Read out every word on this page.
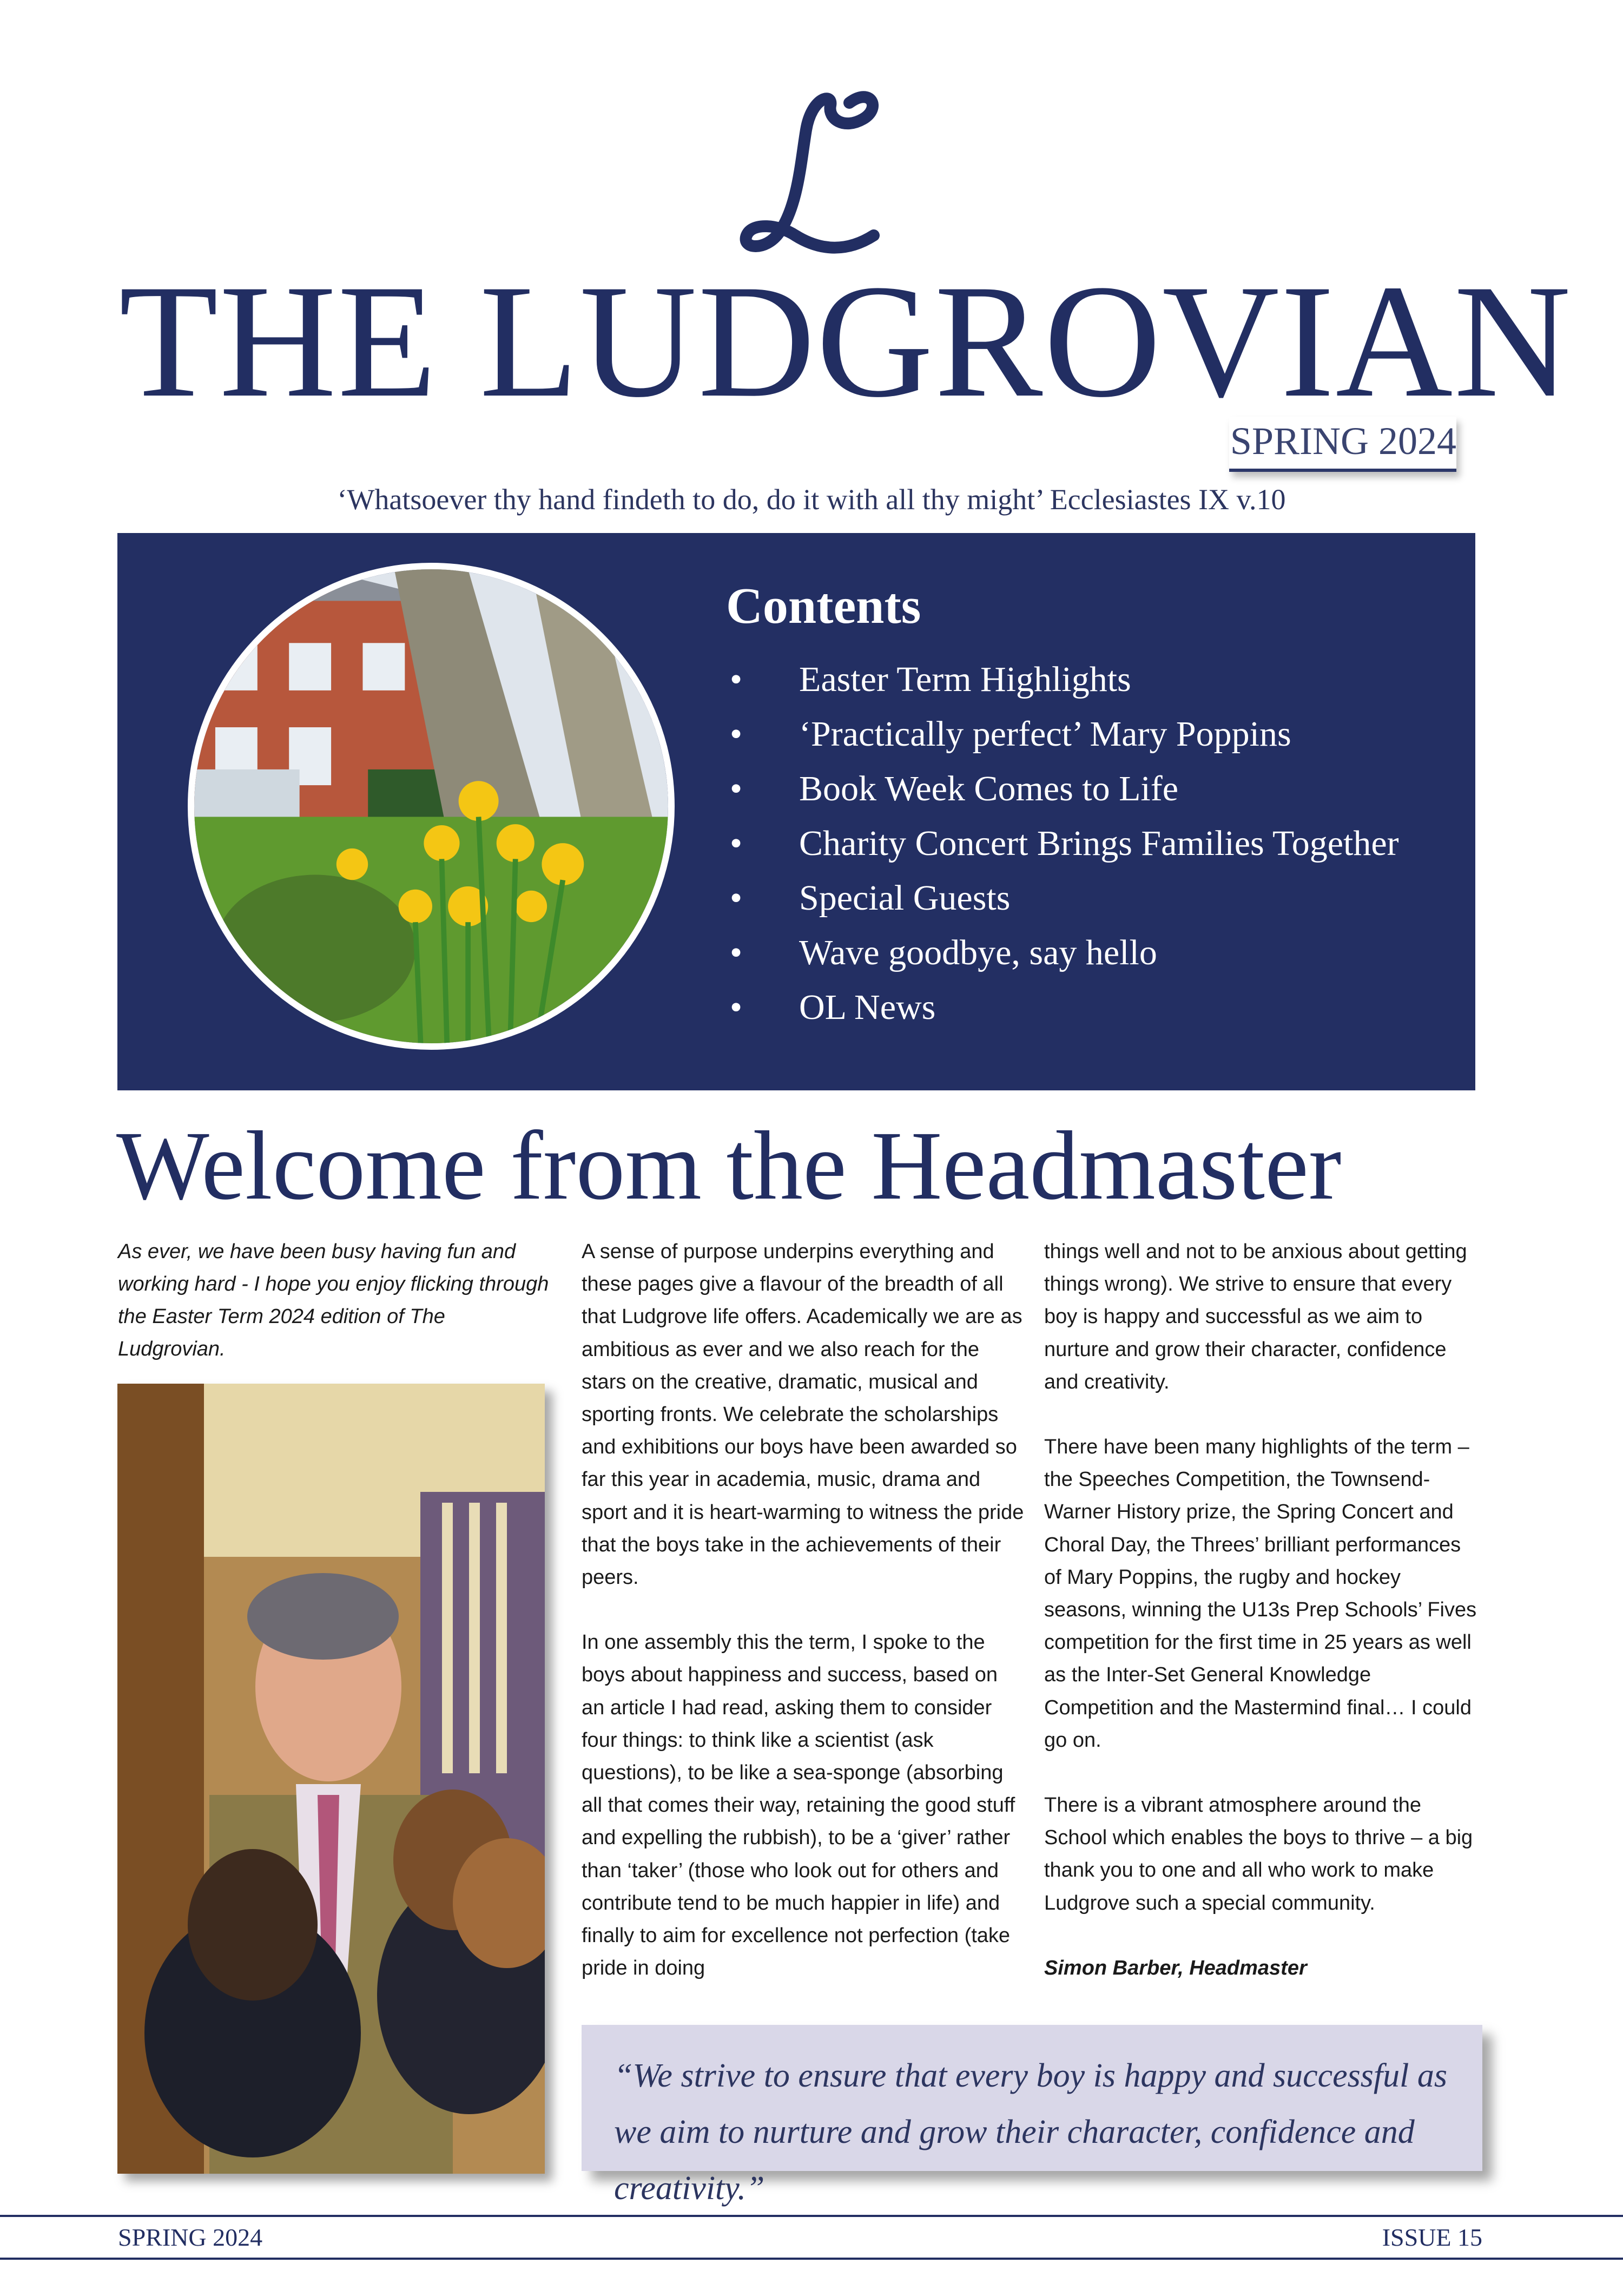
THE LUDGROVIAN
SPRING 2024
‘Whatsoever thy hand findeth to do, do it with all thy might’ Ecclesiastes IX v.10
Contents
• Easter Term Highlights
• ‘Practically perfect’ Mary Poppins
• Book Week Comes to Life
• Charity Concert Brings Families Together
• Special Guests
• Wave goodbye, say hello
• OL News
Welcome from the Headmaster
As ever, we have been busy having fun and working hard - I hope you enjoy flicking through the Easter Term 2024 edition of The Ludgrovian.

A sense of purpose underpins everything and these pages give a flavour of the breadth of all that Ludgrove life offers. Academically we are as ambitious as ever and we also reach for the stars on the creative, dramatic, musical and sporting fronts. We celebrate the scholarships and exhibitions our boys have been awarded so far this year in academia, music, drama and sport and it is heart-warming to witness the pride that the boys take in the achievements of their peers.

In one assembly this the term, I spoke to the boys about happiness and success, based on an article I had read, asking them to consider four things: to think like a scientist (ask questions), to be like a sea-sponge (absorbing all that comes their way, retaining the good stuff and expelling the rubbish), to be a ‘giver’ rather than ‘taker’ (those who look out for others and contribute tend to be much happier in life) and finally to aim for excellence not perfection (take pride in doing

things well and not to be anxious about getting things wrong). We strive to ensure that every boy is happy and successful as we aim to nurture and grow their character, confidence and creativity.

There have been many highlights of the term – the Speeches Competition, the Townsend-Warner History prize, the Spring Concert and Choral Day, the Threes’ brilliant performances of Mary Poppins, the rugby and hockey seasons, winning the U13s Prep Schools’ Fives competition for the first time in 25 years as well as the Inter-Set General Knowledge Competition and the Mastermind final… I could go on.

There is a vibrant atmosphere around the School which enables the boys to thrive – a big thank you to one and all who work to make Ludgrove such a special community.

Simon Barber, Headmaster

“We strive to ensure that every boy is happy and successful as we aim to nurture and grow their character, confidence and creativity.”
SPRING 2024	ISSUE 15
